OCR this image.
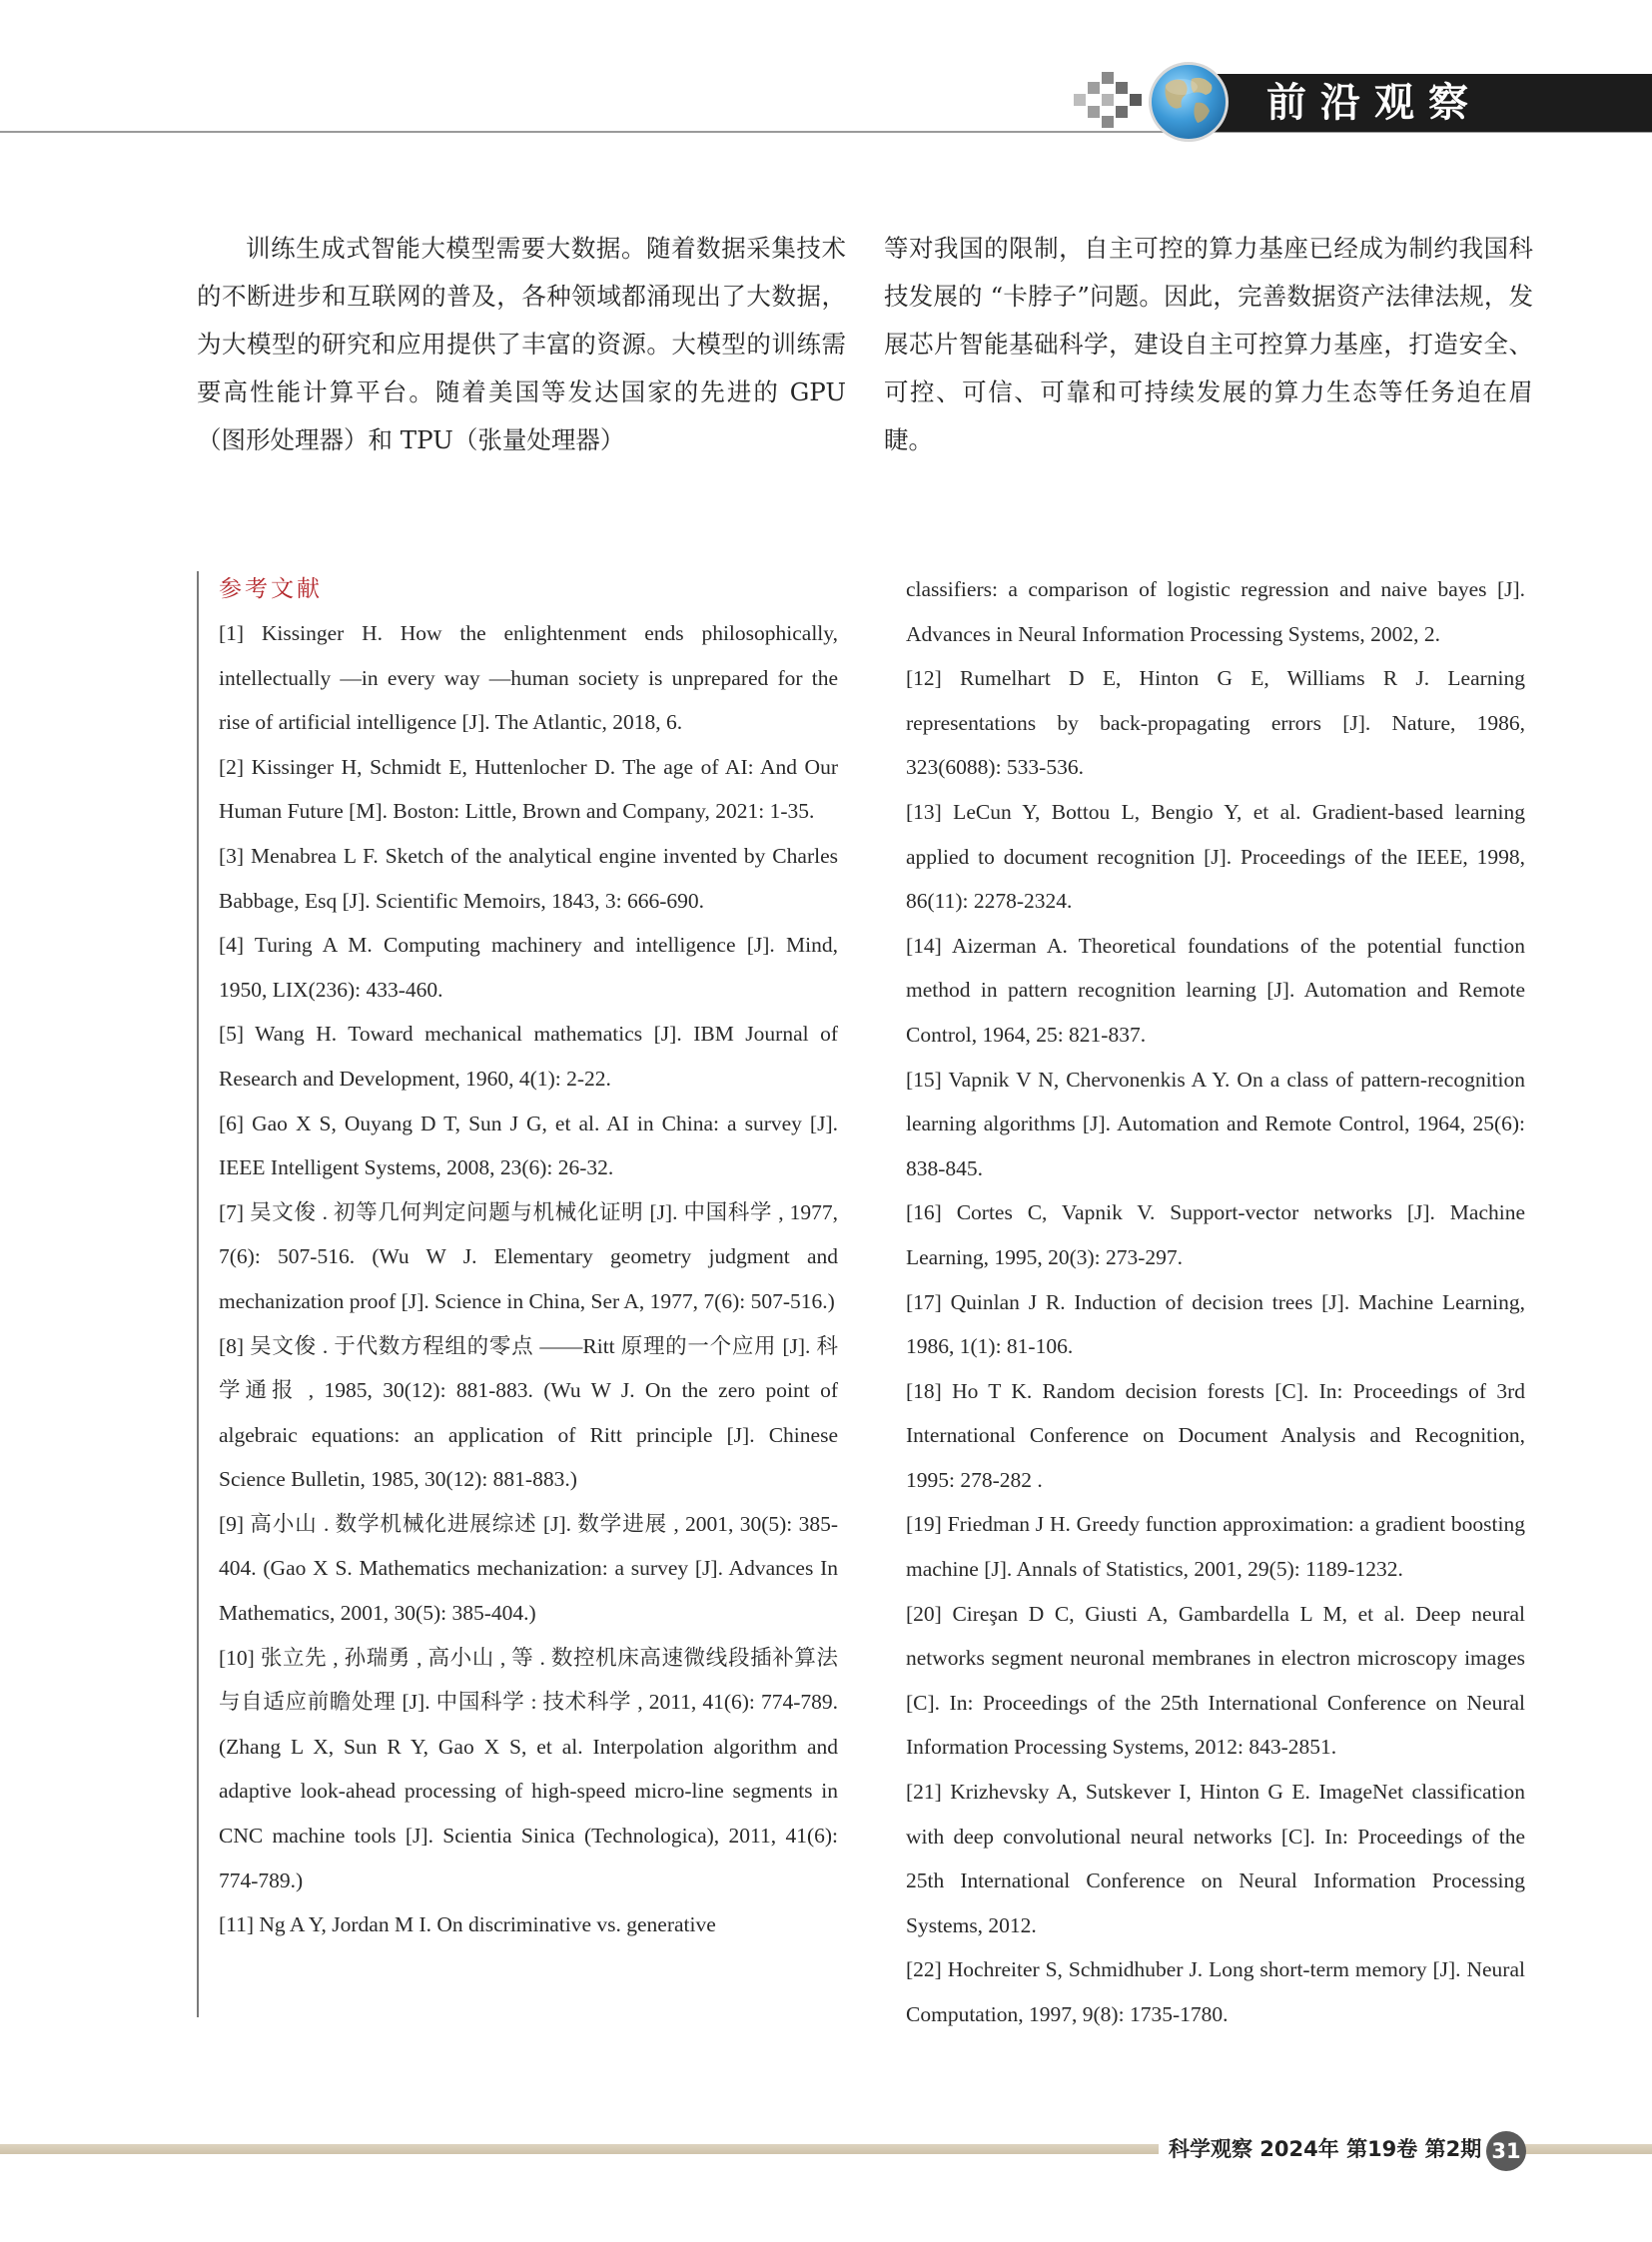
前沿观察

训练生成式智能大模型需要大数据。随着数据采集技术的不断进步和互联网的普及，各种领域都涌现出了大数据，为大模型的研究和应用提供了丰富的资源。大模型的训练需要高性能计算平台。随着美国等发达国家的先进的 GPU（图形处理器）和 TPU（张量处理器）

等对我国的限制，自主可控的算力基座已经成为制约我国科技发展的 “卡脖子”问题。因此，完善数据资产法律法规，发展芯片智能基础科学，建设自主可控算力基座，打造安全、可控、可信、可靠和可持续发展的算力生态等任务迫在眉睫。

参考文献

[1] Kissinger H. How the enlightenment ends philosophically, intellectually —in every way —human society is unprepared for the rise of artificial intelligence [J]. The Atlantic, 2018, 6.

[2] Kissinger H, Schmidt E, Huttenlocher D. The age of AI: And Our Human Future [M]. Boston: Little, Brown and Company, 2021: 1-35.

[3] Menabrea L F. Sketch of the analytical engine invented by Charles Babbage, Esq [J]. Scientific Memoirs, 1843, 3: 666-690.

[4] Turing A M. Computing machinery and intelligence [J]. Mind, 1950, LIX(236): 433-460.

[5] Wang H. Toward mechanical mathematics [J]. IBM Journal of Research and Development, 1960, 4(1): 2-22.

[6] Gao X S, Ouyang D T, Sun J G, et al. AI in China: a survey [J]. IEEE Intelligent Systems, 2008, 23(6): 26-32.

[7] 吴文俊 . 初等几何判定问题与机械化证明 [J]. 中国科学 , 1977, 7(6): 507-516. (Wu W J. Elementary geometry judgment and mechanization proof [J]. Science in China, Ser A, 1977, 7(6): 507-516.)

[8] 吴文俊 . 于代数方程组的零点 ——Ritt 原理的一个应用 [J]. 科学通报 , 1985, 30(12): 881-883. (Wu W J. On the zero point of algebraic equations: an application of Ritt principle [J]. Chinese Science Bulletin, 1985, 30(12): 881-883.)

[9] 高小山 . 数学机械化进展综述 [J]. 数学进展 , 2001, 30(5): 385-404. (Gao X S. Mathematics mechanization: a survey [J]. Advances In Mathematics, 2001, 30(5): 385-404.)

[10] 张立先 , 孙瑞勇 , 高小山 , 等 . 数控机床高速微线段插补算法与自适应前瞻处理 [J]. 中国科学 : 技术科学 , 2011, 41(6): 774-789. (Zhang L X, Sun R Y, Gao X S, et al. Interpolation algorithm and adaptive look-ahead processing of high-speed micro-line segments in CNC machine tools [J]. Scientia Sinica (Technologica), 2011, 41(6): 774-789.)

[11] Ng A Y, Jordan M I. On discriminative vs. generative

classifiers: a comparison of logistic regression and naive bayes [J]. Advances in Neural Information Processing Systems, 2002, 2.

[12] Rumelhart D E, Hinton G E, Williams R J. Learning representations by back-propagating errors [J]. Nature, 1986, 323(6088): 533-536.

[13] LeCun Y, Bottou L, Bengio Y, et al. Gradient-based learning applied to document recognition [J]. Proceedings of the IEEE, 1998, 86(11): 2278-2324.

[14] Aizerman A. Theoretical foundations of the potential function method in pattern recognition learning [J]. Automation and Remote Control, 1964, 25: 821-837.

[15] Vapnik V N, Chervonenkis A Y. On a class of pattern-recognition learning algorithms [J]. Automation and Remote Control, 1964, 25(6): 838-845.

[16] Cortes C, Vapnik V. Support-vector networks [J]. Machine Learning, 1995, 20(3): 273-297.

[17] Quinlan J R. Induction of decision trees [J]. Machine Learning, 1986, 1(1): 81-106.

[18] Ho T K. Random decision forests [C]. In: Proceedings of 3rd International Conference on Document Analysis and Recognition, 1995: 278-282 .

[19] Friedman J H. Greedy function approximation: a gradient boosting machine [J]. Annals of Statistics, 2001, 29(5): 1189-1232.

[20] Cireşan D C, Giusti A, Gambardella L M, et al. Deep neural networks segment neuronal membranes in electron microscopy images [C]. In: Proceedings of the 25th International Conference on Neural Information Processing Systems, 2012: 843-2851.

[21] Krizhevsky A, Sutskever I, Hinton G E. ImageNet classification with deep convolutional neural networks [C]. In: Proceedings of the 25th International Conference on Neural Information Processing Systems, 2012.

[22] Hochreiter S, Schmidhuber J. Long short-term memory [J]. Neural Computation, 1997, 9(8): 1735-1780.

科学观察 2024年 第19卷 第2期 31
